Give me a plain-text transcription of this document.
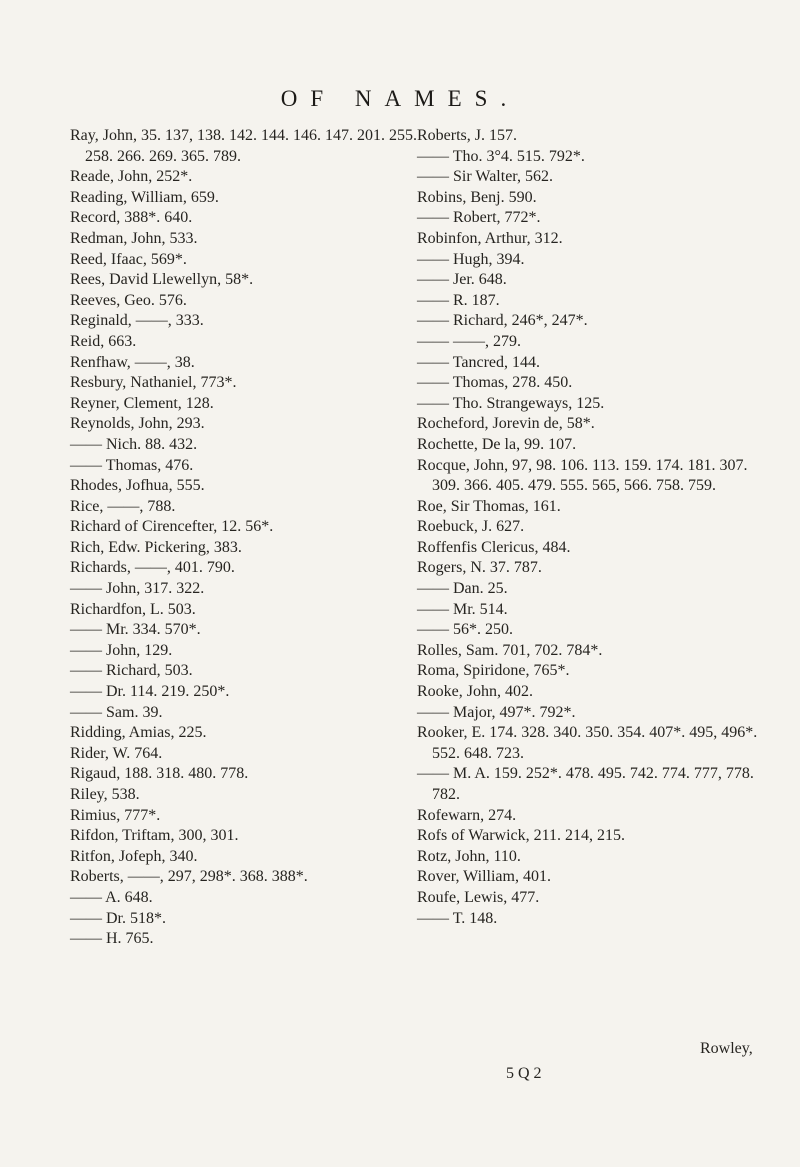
OF NAMES.
Ray, John, 35. 137, 138. 142. 144. 146. 147. 201. 255. 258. 266. 269. 365. 789.
Reade, John, 252*.
Reading, William, 659.
Record, 388*. 640.
Redman, John, 533.
Reed, Ifaac, 569*.
Rees, David Llewellyn, 58*.
Reeves, Geo. 576.
Reginald, ——, 333.
Reid, 663.
Renfhaw, ——, 38.
Resbury, Nathaniel, 773*.
Reyner, Clement, 128.
Reynolds, John, 293.
—— Nich. 88. 432.
—— Thomas, 476.
Rhodes, Jofhua, 555.
Rice, ——, 788.
Richard of Cirencefter, 12. 56*.
Rich, Edw. Pickering, 383.
Richards, ——, 401. 790.
—— John, 317. 322.
Richardfon, L. 503.
—— Mr. 334. 570*.
—— John, 129.
—— Richard, 503.
—— Dr. 114. 219. 250*.
—— Sam. 39.
Ridding, Amias, 225.
Rider, W. 764.
Rigaud, 188. 318. 480. 778.
Riley, 538.
Rimius, 777*.
Rifdon, Triftam, 300, 301.
Ritfon, Jofeph, 340.
Roberts, ——, 297, 298*. 368. 388*.
—— A. 648.
—— Dr. 518*.
—— H. 765.
Roberts, J. 157.
—— Tho. 3°4. 515. 792*.
—— Sir Walter, 562.
Robins, Benj. 590.
—— Robert, 772*.
Robinfon, Arthur, 312.
—— Hugh, 394.
—— Jer. 648.
—— R. 187.
—— Richard, 246*, 247*.
—— ——, 279.
—— Tancred, 144.
—— Thomas, 278. 450.
—— Tho. Strangeways, 125.
Rocheford, Jorevin de, 58*.
Rochette, De la, 99. 107.
Rocque, John, 97, 98. 106. 113. 159. 174. 181. 307. 309. 366. 405. 479. 555. 565, 566. 758. 759.
Roe, Sir Thomas, 161.
Roebuck, J. 627.
Roffenfis Clericus, 484.
Rogers, N. 37. 787.
—— Dan. 25.
—— Mr. 514.
—— 56*. 250.
Rolles, Sam. 701, 702. 784*.
Roma, Spiridone, 765*.
Rooke, John, 402.
—— Major, 497*. 792*.
Rooker, E. 174. 328. 340. 350. 354. 407*. 495, 496*. 552. 648. 723.
—— M. A. 159. 252*. 478. 495. 742. 774. 777, 778. 782.
Rofewarn, 274.
Rofs of Warwick, 211. 214, 215.
Rotz, John, 110.
Rover, William, 401.
Roufe, Lewis, 477.
—— T. 148.
Rowley,
5 Q 2
